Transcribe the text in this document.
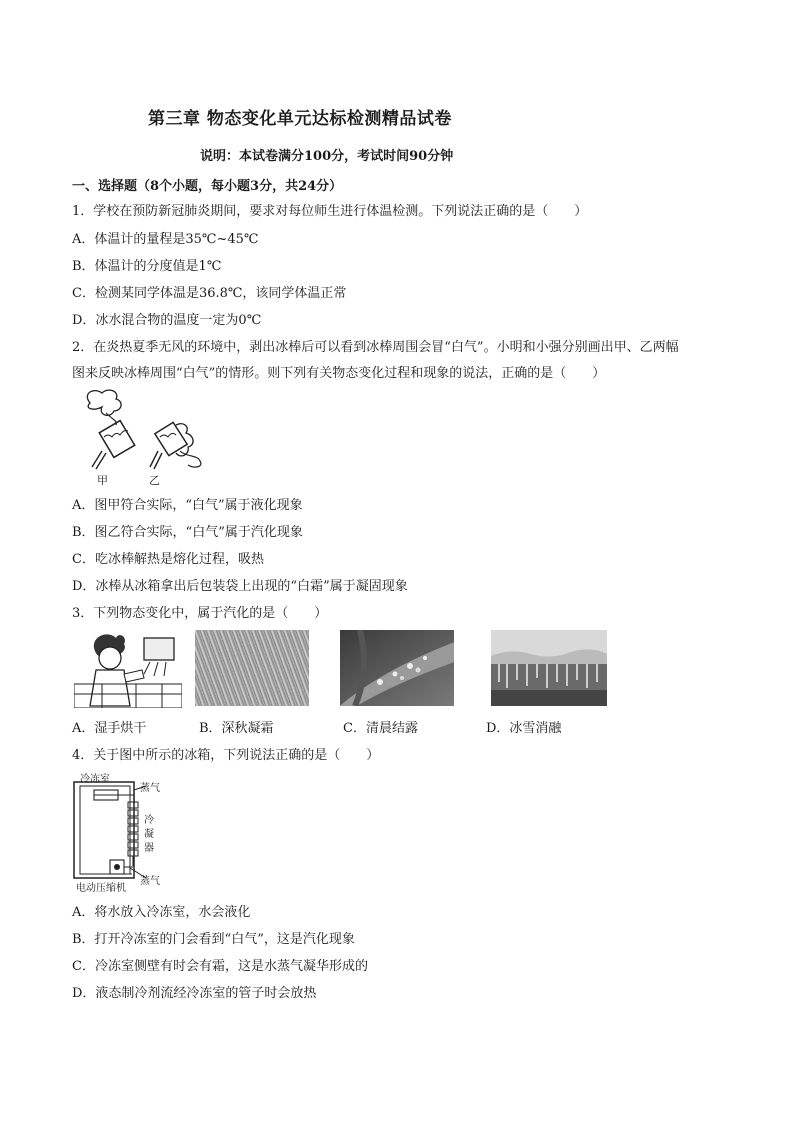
第三章 物态变化单元达标检测精品试卷
说明：本试卷满分100分，考试时间90分钟
一、选择题（8个小题，每小题3分，共24分）
1．学校在预防新冠肺炎期间，要求对每位师生进行体温检测。下列说法正确的是（　　）
A．体温计的量程是35℃~45℃
B．体温计的分度值是1℃
C．检测某同学体温是36.8℃，该同学体温正常
D．冰水混合物的温度一定为0℃
2．在炎热夏季无风的环境中，剥出冰棒后可以看到冰棒周围会冒“白气”。小明和小强分别画出甲、乙两幅
图来反映冰棒周围“白气”的情形。则下列有关物态变化过程和现象的说法，正确的是（　　）
甲	乙
A．图甲符合实际，“白气”属于液化现象
B．图乙符合实际，“白气”属于汽化现象
C．吃冰棒解热是熔化过程，吸热
D．冰棒从冰箱拿出后包装袋上出现的“白霜”属于凝固现象
3．下列物态变化中，属于汽化的是（　　）
A．湿手烘干	B．深秋凝霜	C．清晨结露	D．冰雪消融
4．关于图中所示的冰箱，下列说法正确的是（　　）
冷冻室
蒸气
冷
凝
器
蒸气
电动压缩机
A．将水放入冷冻室，水会液化
B．打开冷冻室的门会看到“白气”，这是汽化现象
C．冷冻室侧壁有时会有霜，这是水蒸气凝华形成的
D．液态制冷剂流经冷冻室的管子时会放热
